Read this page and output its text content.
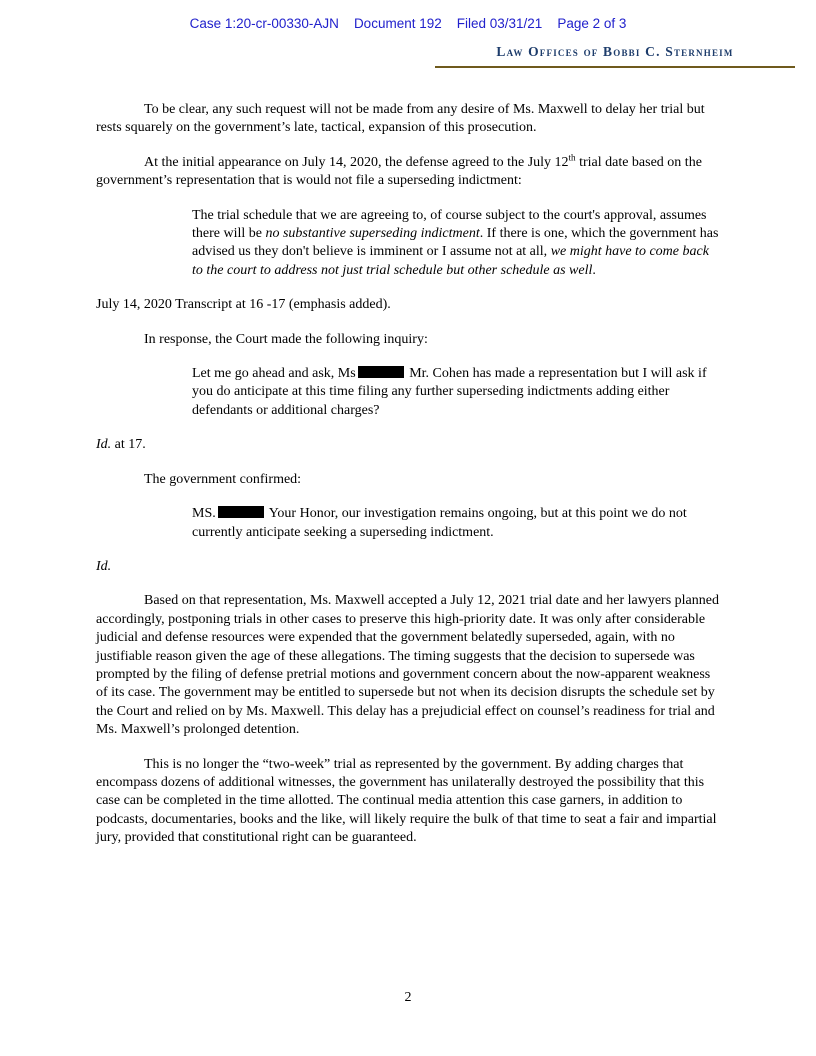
Case 1:20-cr-00330-AJN Document 192 Filed 03/31/21 Page 2 of 3
Law Offices of Bobbi C. Sternheim
To be clear, any such request will not be made from any desire of Ms. Maxwell to delay her trial but rests squarely on the government’s late, tactical, expansion of this prosecution.
At the initial appearance on July 14, 2020, the defense agreed to the July 12th trial date based on the government’s representation that is would not file a superseding indictment:
The trial schedule that we are agreeing to, of course subject to the court's approval, assumes there will be no substantive superseding indictment. If there is one, which the government has advised us they don't believe is imminent or I assume not at all, we might have to come back to the court to address not just trial schedule but other schedule as well.
July 14, 2020 Transcript at 16 -17 (emphasis added).
In response, the Court made the following inquiry:
Let me go ahead and ask, Ms	Mr. Cohen has made a representation but I will ask if you do anticipate at this time filing any further superseding indictments adding either defendants or additional charges?
Id. at 17.
The government confirmed:
MS.	Your Honor, our investigation remains ongoing, but at this point we do not currently anticipate seeking a superseding indictment.
Id.
Based on that representation, Ms. Maxwell accepted a July 12, 2021 trial date and her lawyers planned accordingly, postponing trials in other cases to preserve this high-priority date. It was only after considerable judicial and defense resources were expended that the government belatedly superseded, again, with no justifiable reason given the age of these allegations. The timing suggests that the decision to supersede was prompted by the filing of defense pretrial motions and government concern about the now-apparent weakness of its case. The government may be entitled to supersede but not when its decision disrupts the schedule set by the Court and relied on by Ms. Maxwell. This delay has a prejudicial effect on counsel’s readiness for trial and Ms. Maxwell’s prolonged detention.
This is no longer the “two-week” trial as represented by the government. By adding charges that encompass dozens of additional witnesses, the government has unilaterally destroyed the possibility that this case can be completed in the time allotted. The continual media attention this case garners, in addition to podcasts, documentaries, books and the like, will likely require the bulk of that time to seat a fair and impartial jury, provided that constitutional right can be guaranteed.
2
